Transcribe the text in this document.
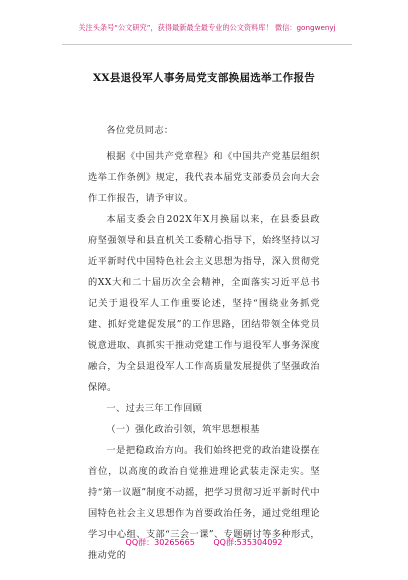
关注头条号“公文研究”，获得最新最全最专业的公文资料库！ 微信：gongwenyj
XX县退役军人事务局党支部换届选举工作报告

各位党员同志：

根据《中国共产党章程》和《中国共产党基层组织选举工作条例》规定，我代表本届党支部委员会向大会作工作报告，请予审议。

本届支委会自202X年X月换届以来，在县委县政府坚强领导和县直机关工委精心指导下，始终坚持以习近平新时代中国特色社会主义思想为指导，深入贯彻党的XX大和二十届历次全会精神，全面落实习近平总书记关于退役军人工作重要论述，坚持“围绕业务抓党建、抓好党建促发展”的工作思路，团结带领全体党员锐意进取、真抓实干推动党建工作与退役军人事务深度融合，为全县退役军人工作高质量发展提供了坚强政治保障。

一、过去三年工作回顾

（一）强化政治引领，筑牢思想根基

一是把稳政治方向。我们始终把党的政治建设摆在首位，以高度的政治自觉推进理论武装走深走实。坚持“第一议题”制度不动摇，把学习贯彻习近平新时代中国特色社会主义思想作为首要政治任务，通过党组理论学习中心组、支部“三会一课”、专题研讨等多种形式，推动党的

QQ群：30265665 QQ群:535304092
